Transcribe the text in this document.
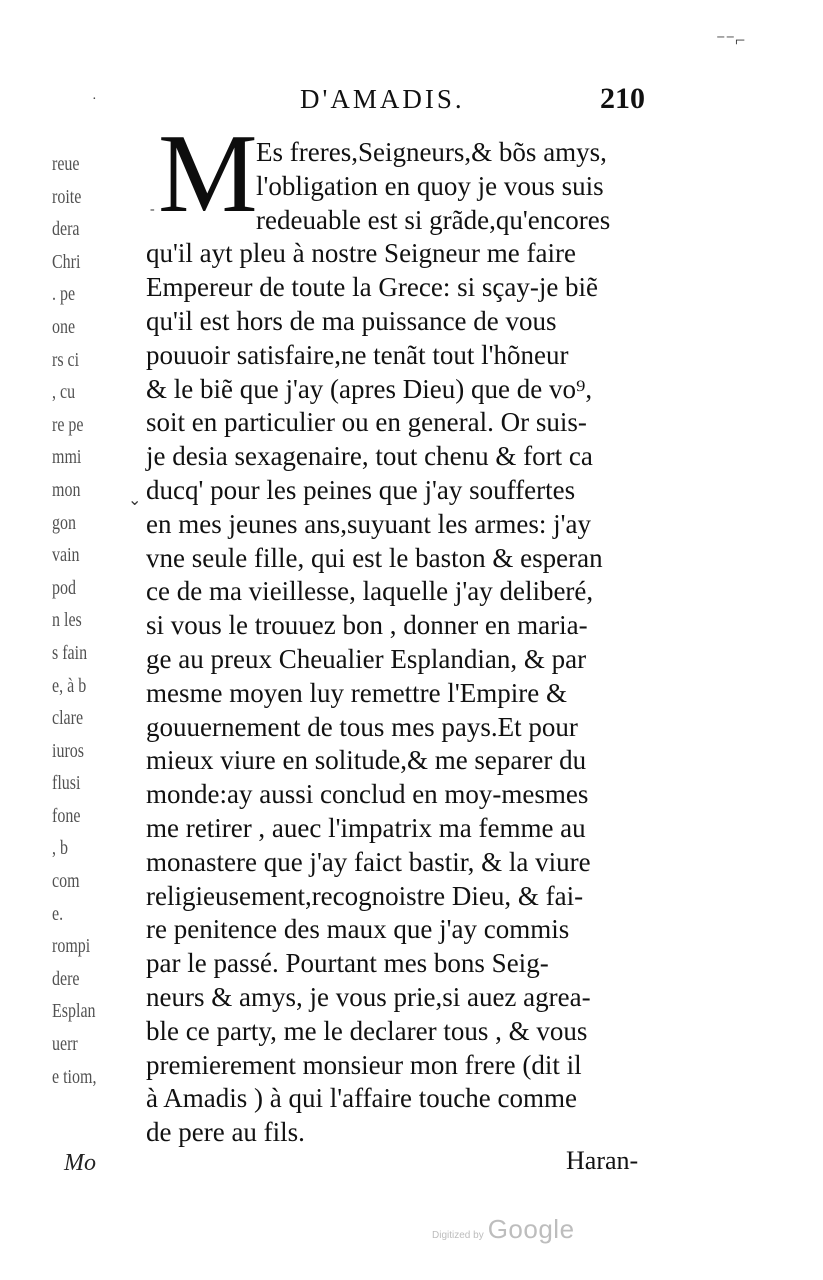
reue
roite
dera
Chri
. pe
one
rs ci
, cu
re pe
mmi
mon
gon
vain
pod
n les
s fain
e, à b
clare
iuros
flusi
fone
, b
com
e.
rompi
dere
Esplan
uerr
e tiom,
Mo
⁻⁻⌐
·
-
⌄
D'AMADIS.	210
M
Es freres,Seigneurs,& bõs amys,
l'obligation en quoy je vous suis
redeuable est si grãde,qu'encores
qu'il ayt pleu à nostre Seigneur me faire
Empereur de toute la Grece: si sçay-je biẽ
qu'il est hors de ma puissance de vous
pouuoir satisfaire,ne tenãt tout l'hõneur
& le biẽ que j'ay (apres Dieu) que de vo⁹,
soit en particulier ou en general. Or suis-
je desia sexagenaire, tout chenu & fort ca
ducq' pour les peines que j'ay souffertes
en mes jeunes ans,suyuant les armes: j'ay
vne seule fille, qui est le baston & esperan
ce de ma vieillesse, laquelle j'ay deliberé,
si vous le trouuez bon , donner en maria-
ge au preux Cheualier Esplandian, & par
mesme moyen luy remettre l'Empire &
gouuernement de tous mes pays.Et pour
mieux viure en solitude,& me separer du
monde:ay aussi conclud en moy-mesmes
me retirer , auec l'impatrix ma femme au
monastere que j'ay faict bastir, & la viure
religieusement,recognoistre Dieu, & fai-
re penitence des maux que j'ay commis
par le passé. Pourtant mes bons Seig-
neurs & amys, je vous prie,si auez agrea-
ble ce party, me le declarer tous , & vous
premierement monsieur mon frere (dit il
à Amadis ) à qui l'affaire touche comme
de pere au fils.
Haran-
Digitized by Google
